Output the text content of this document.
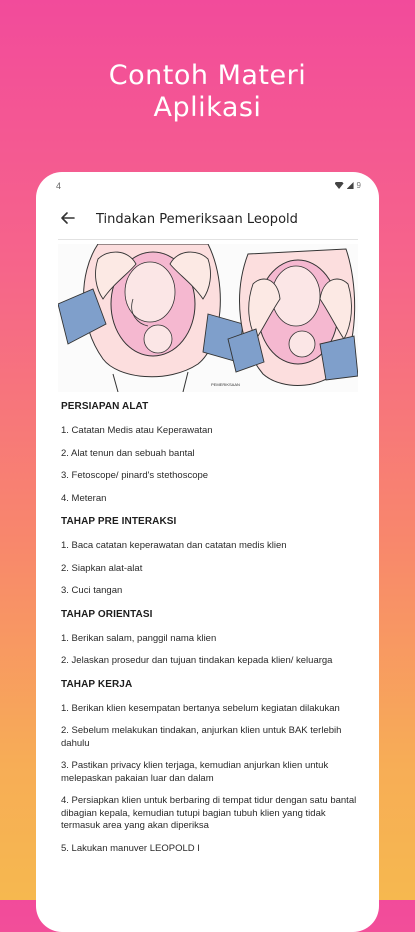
Contoh Materi
Aplikasi
4	9
Tindakan Pemeriksaan Leopold
PEMERIKSAAN
PERSIAPAN ALAT
1. Catatan Medis atau Keperawatan
2. Alat tenun dan sebuah bantal
3. Fetoscope/ pinard's stethoscope
4. Meteran
TAHAP PRE INTERAKSI
1. Baca catatan keperawatan dan catatan medis klien
2. Siapkan alat-alat
3. Cuci tangan
TAHAP ORIENTASI
1. Berikan salam, panggil nama klien
2. Jelaskan prosedur dan tujuan tindakan kepada klien/ keluarga
TAHAP KERJA
1. Berikan klien kesempatan bertanya sebelum kegiatan dilakukan
2. Sebelum melakukan tindakan, anjurkan klien untuk BAK terlebih dahulu
3. Pastikan privacy klien terjaga, kemudian anjurkan klien untuk melepaskan pakaian luar dan dalam
4. Persiapkan klien untuk berbaring di tempat tidur dengan satu bantal dibagian kepala, kemudian tutupi bagian tubuh klien yang tidak termasuk area yang akan diperiksa
5. Lakukan manuver LEOPOLD I
